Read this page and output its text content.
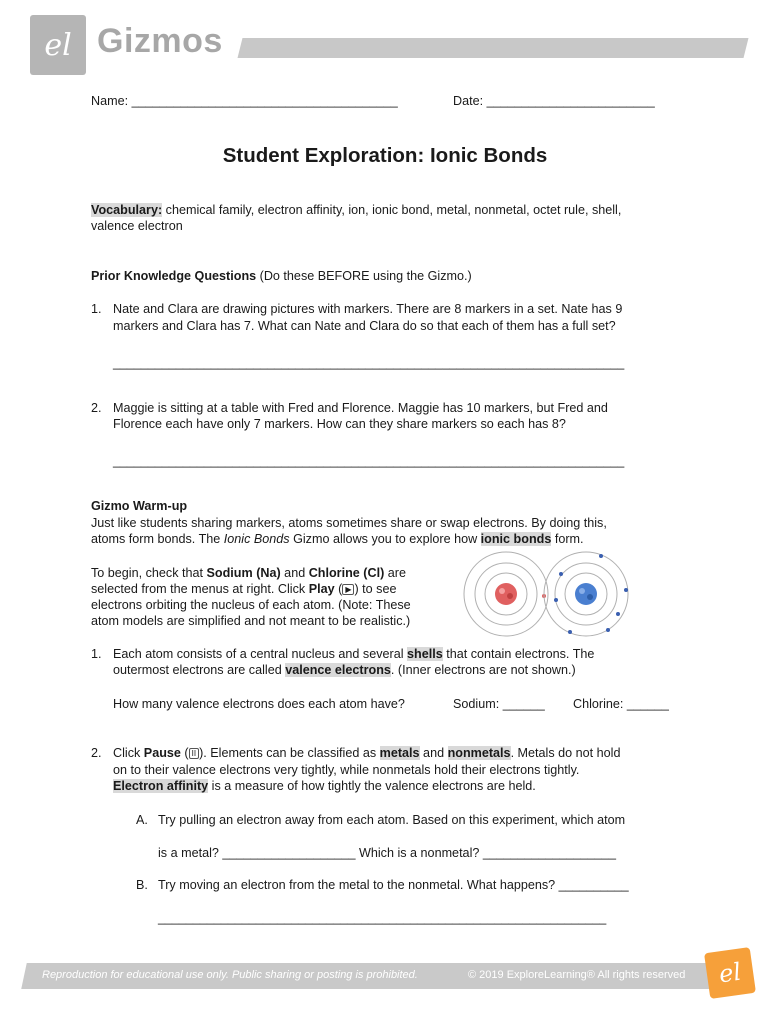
el Gizmos
Name: ______________________________________	Date: ________________________
Student Exploration: Ionic Bonds
Vocabulary: chemical family, electron affinity, ion, ionic bond, metal, nonmetal, octet rule, shell,
valence electron
Prior Knowledge Questions (Do these BEFORE using the Gizmo.)
1. Nate and Clara are drawing pictures with markers. There are 8 markers in a set. Nate has 9
markers and Clara has 7. What can Nate and Clara do so that each of them has a full set?
_________________________________________________________________________
2. Maggie is sitting at a table with Fred and Florence. Maggie has 10 markers, but Fred and
Florence each have only 7 markers. How can they share markers so each has 8?
_________________________________________________________________________
Gizmo Warm-up
Just like students sharing markers, atoms sometimes share or swap electrons. By doing this,
atoms form bonds. The Ionic Bonds Gizmo allows you to explore how ionic bonds form.
To begin, check that Sodium (Na) and Chlorine (Cl) are
selected from the menus at right. Click Play ( ▶ ) to see
electrons orbiting the nucleus of each atom. (Note: These
atom models are simplified and not meant to be realistic.)
1. Each atom consists of a central nucleus and several shells that contain electrons. The
outermost electrons are called valence electrons. (Inner electrons are not shown.)
How many valence electrons does each atom have?	Sodium: ______ Chlorine: ______
2. Click Pause ( II ). Elements can be classified as metals and nonmetals. Metals do not hold
on to their valence electrons very tightly, while nonmetals hold their electrons tightly.
Electron affinity is a measure of how tightly the valence electrons are held.
A. Try pulling an electron away from each atom. Based on this experiment, which atom
is a metal? ___________________ Which is a nonmetal? ___________________
B. Try moving an electron from the metal to the nonmetal. What happens? __________
________________________________________________________________
Reproduction for educational use only. Public sharing or posting is prohibited.	© 2019 ExploreLearning® All rights reserved el
